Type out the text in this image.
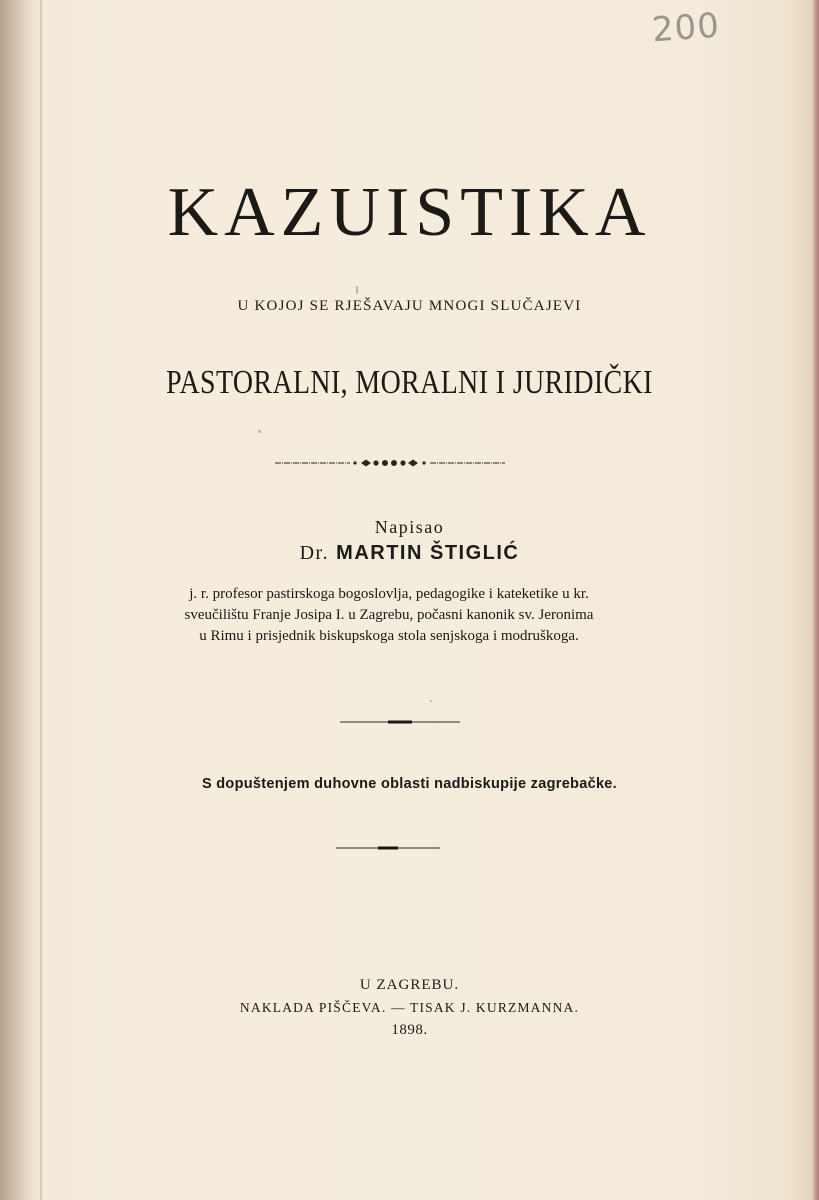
200
KAZUISTIKA
U KOJOJ SE RJEŠAVAJU MNOGI SLUČAJEVI
PASTORALNI, MORALNI I JURIDIČKI
Napisao
Dr. MARTIN ŠTIGLIĆ
j. r. profesor pastirskoga bogoslovlja, pedagogike i kateketike u kr.
sveučilištu Franje Josipa I. u Zagrebu, počasni kanonik sv. Jeronima
u Rimu i prisjednik biskupskoga stola senjskoga i modruškoga.
S dopuštenjem duhovne oblasti nadbiskupije zagrebačke.
U ZAGREBU.
NAKLADA PIŠČEVA. — TISAK J. KURZMANNA.
1898.
